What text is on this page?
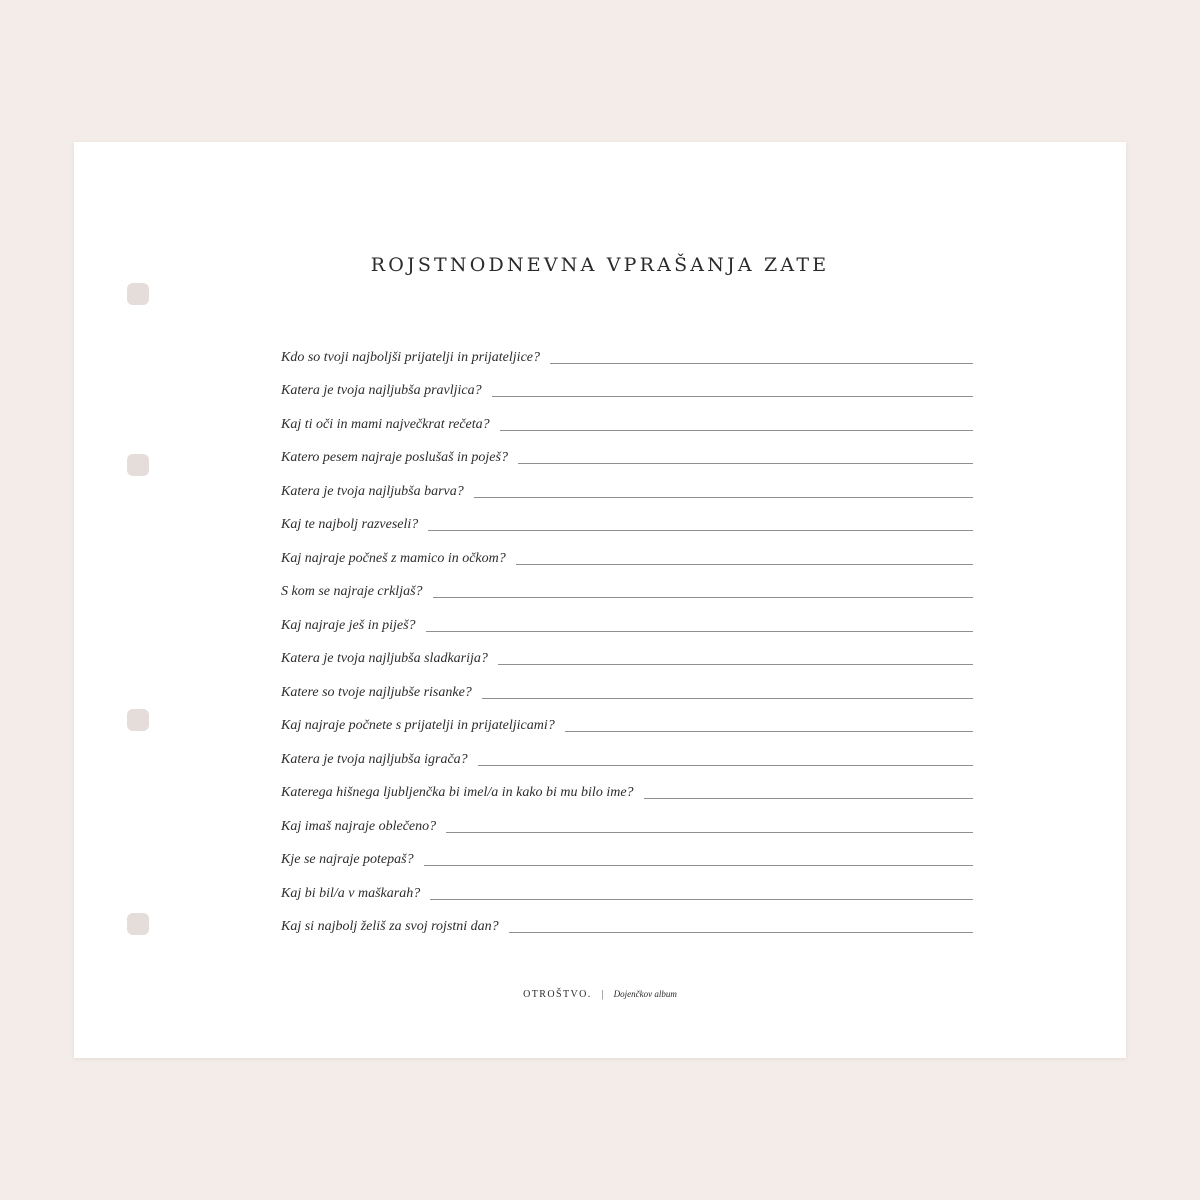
ROJSTNODNEVNA VPRAŠANJA ZATE
Kdo so tvoji najboljši prijatelji in prijateljice?
Katera je tvoja najljubša pravljica?
Kaj ti oči in mami največkrat rečeta?
Katero pesem najraje poslušaš in poješ?
Katera je tvoja najljubša barva?
Kaj te najbolj razveseli?
Kaj najraje počneš z mamico in očkom?
S kom se najraje crkljaš?
Kaj najraje ješ in piješ?
Katera je tvoja najljubša sladkarija?
Katere so tvoje najljubše risanke?
Kaj najraje počnete s prijatelji in prijateljicami?
Katera je tvoja najljubša igrača?
Katerega hišnega ljubljenčka bi imel/a in kako bi mu bilo ime?
Kaj imaš najraje oblečeno?
Kje se najraje potepaš?
Kaj bi bil/a v maškarah?
Kaj si najbolj želiš za svoj rojstni dan?
OTROŠTVO. | Dojenčkov album
